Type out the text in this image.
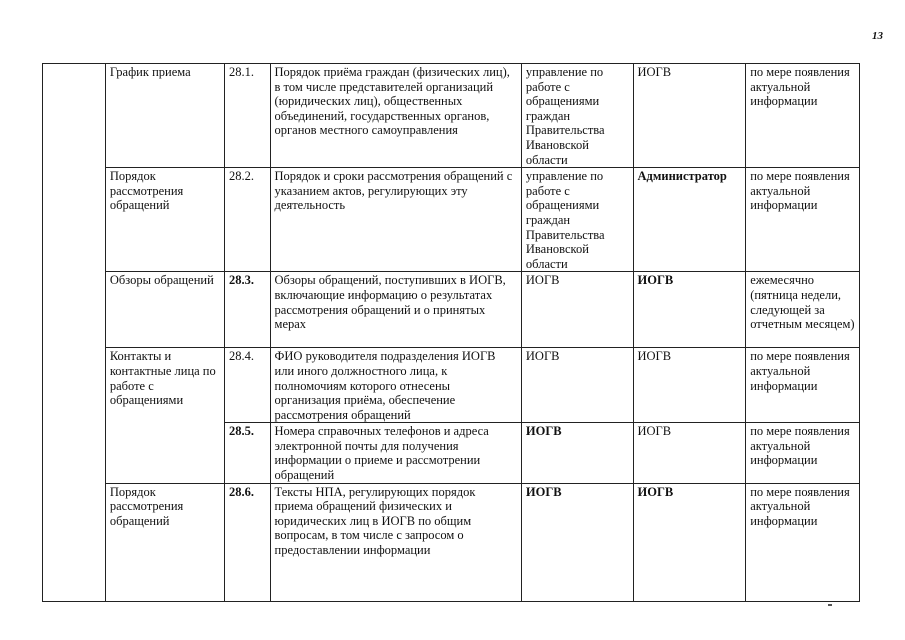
13
	График приема	28.1.	Порядок приёма граждан (физических лиц), в том числе представителей организаций (юридических лиц), общественных объединений, государственных органов, органов местного самоуправления	управление по работе с обращениями граждан Правительства Ивановской области	ИОГВ	по мере появления актуальной информации
	Порядок рассмотрения обращений	28.2.	Порядок и сроки рассмотрения обращений с указанием актов, регулирующих эту деятельность	управление по работе с обращениями граждан Правительства Ивановской области	Администратор	по мере появления актуальной информации
	Обзоры обращений	28.3.	Обзоры обращений, поступивших в ИОГВ, включающие информацию о результатах рассмотрения обращений и о принятых мерах	ИОГВ	ИОГВ	ежемесячно (пятница недели, следующей за отчетным месяцем)
	Контакты и контактные лица по работе с обращениями	28.4.	ФИО руководителя подразделения ИОГВ или иного должностного лица, к полномочиям которого отнесены организация приёма, обеспечение рассмотрения обращений	ИОГВ	ИОГВ	по мере появления актуальной информации
		28.5.	Номера справочных телефонов и адреса электронной почты для получения информации о приеме и рассмотрении обращений	ИОГВ	ИОГВ	по мере появления актуальной информации
	Порядок рассмотрения обращений	28.6.	Тексты НПА, регулирующих порядок приема обращений физических и юридических лиц в ИОГВ по общим вопросам, в том числе с запросом о предоставлении информации	ИОГВ	ИОГВ	по мере появления актуальной информации
